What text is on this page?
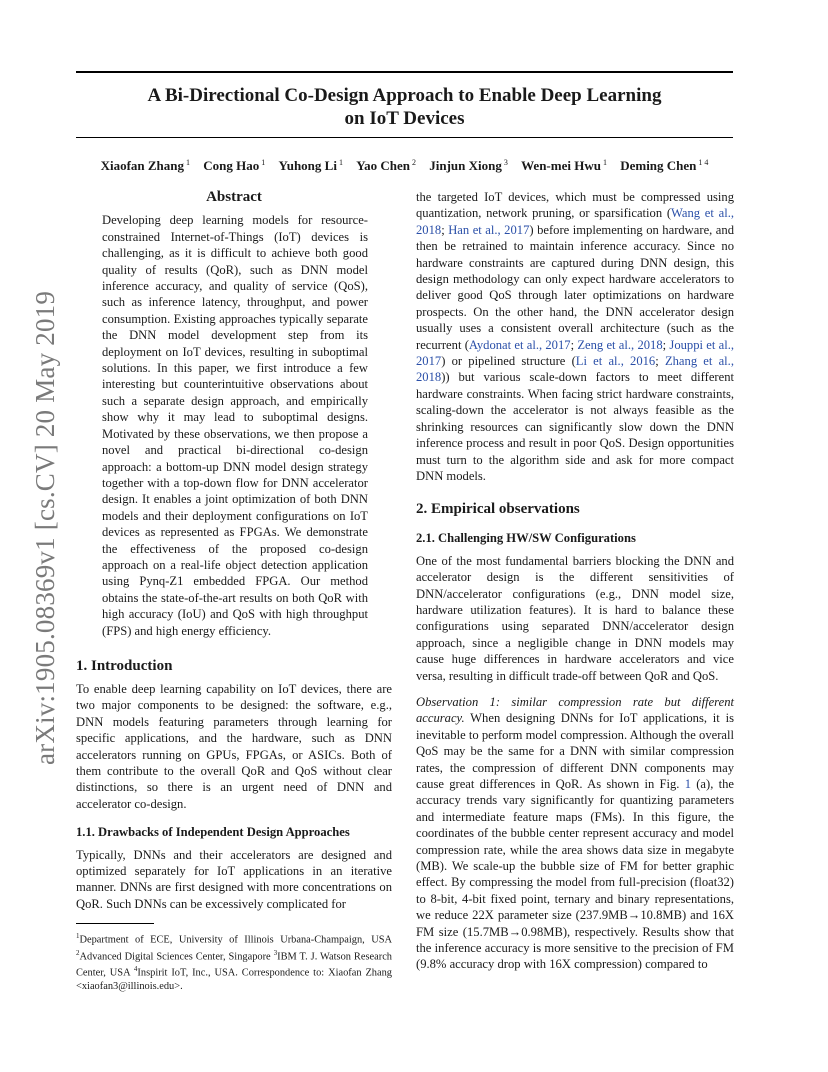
A Bi-Directional Co-Design Approach to Enable Deep Learning
on IoT Devices
Xiaofan Zhang $^1$ Cong Hao $^1$ Yuhong Li $^1$ Yao Chen $^2$ Jinjun Xiong $^3$ Wen-mei Hwu $^1$ Deming Chen $^{1 4}$
arXiv:1905.08369v1 [cs.CV] 20 May 2019
Abstract

Developing deep learning models for resource-constrained Internet-of-Things (IoT) devices is challenging, as it is difficult to achieve both good quality of results (QoR), such as DNN model inference accuracy, and quality of service (QoS), such as inference latency, throughput, and power consumption. Existing approaches typically separate the DNN model development step from its deployment on IoT devices, resulting in suboptimal solutions. In this paper, we first introduce a few interesting but counterintuitive observations about such a separate design approach, and empirically show why it may lead to suboptimal designs. Motivated by these observations, we then propose a novel and practical bi-directional co-design approach: a bottom-up DNN model design strategy together with a top-down flow for DNN accelerator design. It enables a joint optimization of both DNN models and their deployment configurations on IoT devices as represented as FPGAs. We demonstrate the effectiveness of the proposed co-design approach on a real-life object detection application using Pynq-Z1 embedded FPGA. Our method obtains the state-of-the-art results on both QoR with high accuracy (IoU) and QoS with high throughput (FPS) and high energy efficiency.

1. Introduction

To enable deep learning capability on IoT devices, there are two major components to be designed: the software, e.g., DNN models featuring parameters through learning for specific applications, and the hardware, such as DNN accelerators running on GPUs, FPGAs, or ASICs. Both of them contribute to the overall QoR and QoS without clear distinctions, so there is an urgent need of DNN and accelerator co-design.

1.1. Drawbacks of Independent Design Approaches

Typically, DNNs and their accelerators are designed and optimized separately for IoT applications in an iterative manner. DNNs are first designed with more concentrations on QoR. Such DNNs can be excessively complicated for

$^1$Department of ECE, University of Illinois Urbana-Champaign, USA $^2$Advanced Digital Sciences Center, Singapore $^3$IBM T. J. Watson Research Center, USA $^4$Inspirit IoT, Inc., USA. Correspondence to: Xiaofan Zhang <xiaofan3@illinois.edu>.

the targeted IoT devices, which must be compressed using quantization, network pruning, or sparsification (Wang et al., 2018; Han et al., 2017) before implementing on hardware, and then be retrained to maintain inference accuracy. Since no hardware constraints are captured during DNN design, this design methodology can only expect hardware accelerators to deliver good QoS through later optimizations on hardware prospects. On the other hand, the DNN accelerator design usually uses a consistent overall architecture (such as the recurrent (Aydonat et al., 2017; Zeng et al., 2018; Jouppi et al., 2017) or pipelined structure (Li et al., 2016; Zhang et al., 2018)) but various scale-down factors to meet different hardware constraints. When facing strict hardware constraints, scaling-down the accelerator is not always feasible as the shrinking resources can significantly slow down the DNN inference process and result in poor QoS. Design opportunities must turn to the algorithm side and ask for more compact DNN models.

2. Empirical observations
2.1. Challenging HW/SW Configurations

One of the most fundamental barriers blocking the DNN and accelerator design is the different sensitivities of DNN/accelerator configurations (e.g., DNN model size, hardware utilization features). It is hard to balance these configurations using separated DNN/accelerator design approach, since a negligible change in DNN models may cause huge differences in hardware accelerators and vice versa, resulting in difficult trade-off between QoR and QoS.

Observation 1: similar compression rate but different accuracy. When designing DNNs for IoT applications, it is inevitable to perform model compression. Although the overall QoS may be the same for a DNN with similar compression rates, the compression of different DNN components may cause great differences in QoR. As shown in Fig. 1 (a), the accuracy trends vary significantly for quantizing parameters and intermediate feature maps (FMs). In this figure, the coordinates of the bubble center represent accuracy and model compression rate, while the area shows data size in megabyte (MB). We scale-up the bubble size of FM for better graphic effect. By compressing the model from full-precision (float32) to 8-bit, 4-bit fixed point, ternary and binary representations, we reduce 22X parameter size (237.9MB→10.8MB) and 16X FM size (15.7MB→0.98MB), respectively. Results show that the inference accuracy is more sensitive to the precision of FM (9.8% accuracy drop with 16X compression) compared to
